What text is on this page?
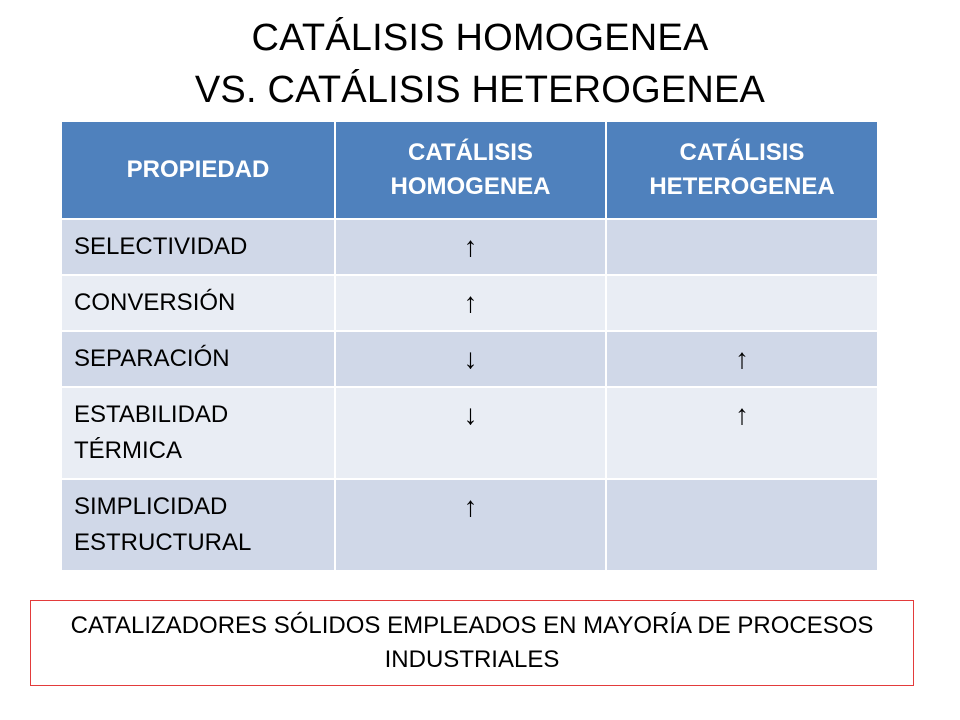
CATÁLISIS HOMOGENEA
VS. CATÁLISIS HETEROGENEA
PROPIEDAD	CATÁLISIS HOMOGENEA	CATÁLISIS HETEROGENEA
SELECTIVIDAD	↑	
CONVERSIÓN	↑	
SEPARACIÓN	↓	↑
ESTABILIDAD TÉRMICA	↓	↑
SIMPLICIDAD ESTRUCTURAL	↑	
CATALIZADORES SÓLIDOS EMPLEADOS EN MAYORÍA DE PROCESOS INDUSTRIALES
